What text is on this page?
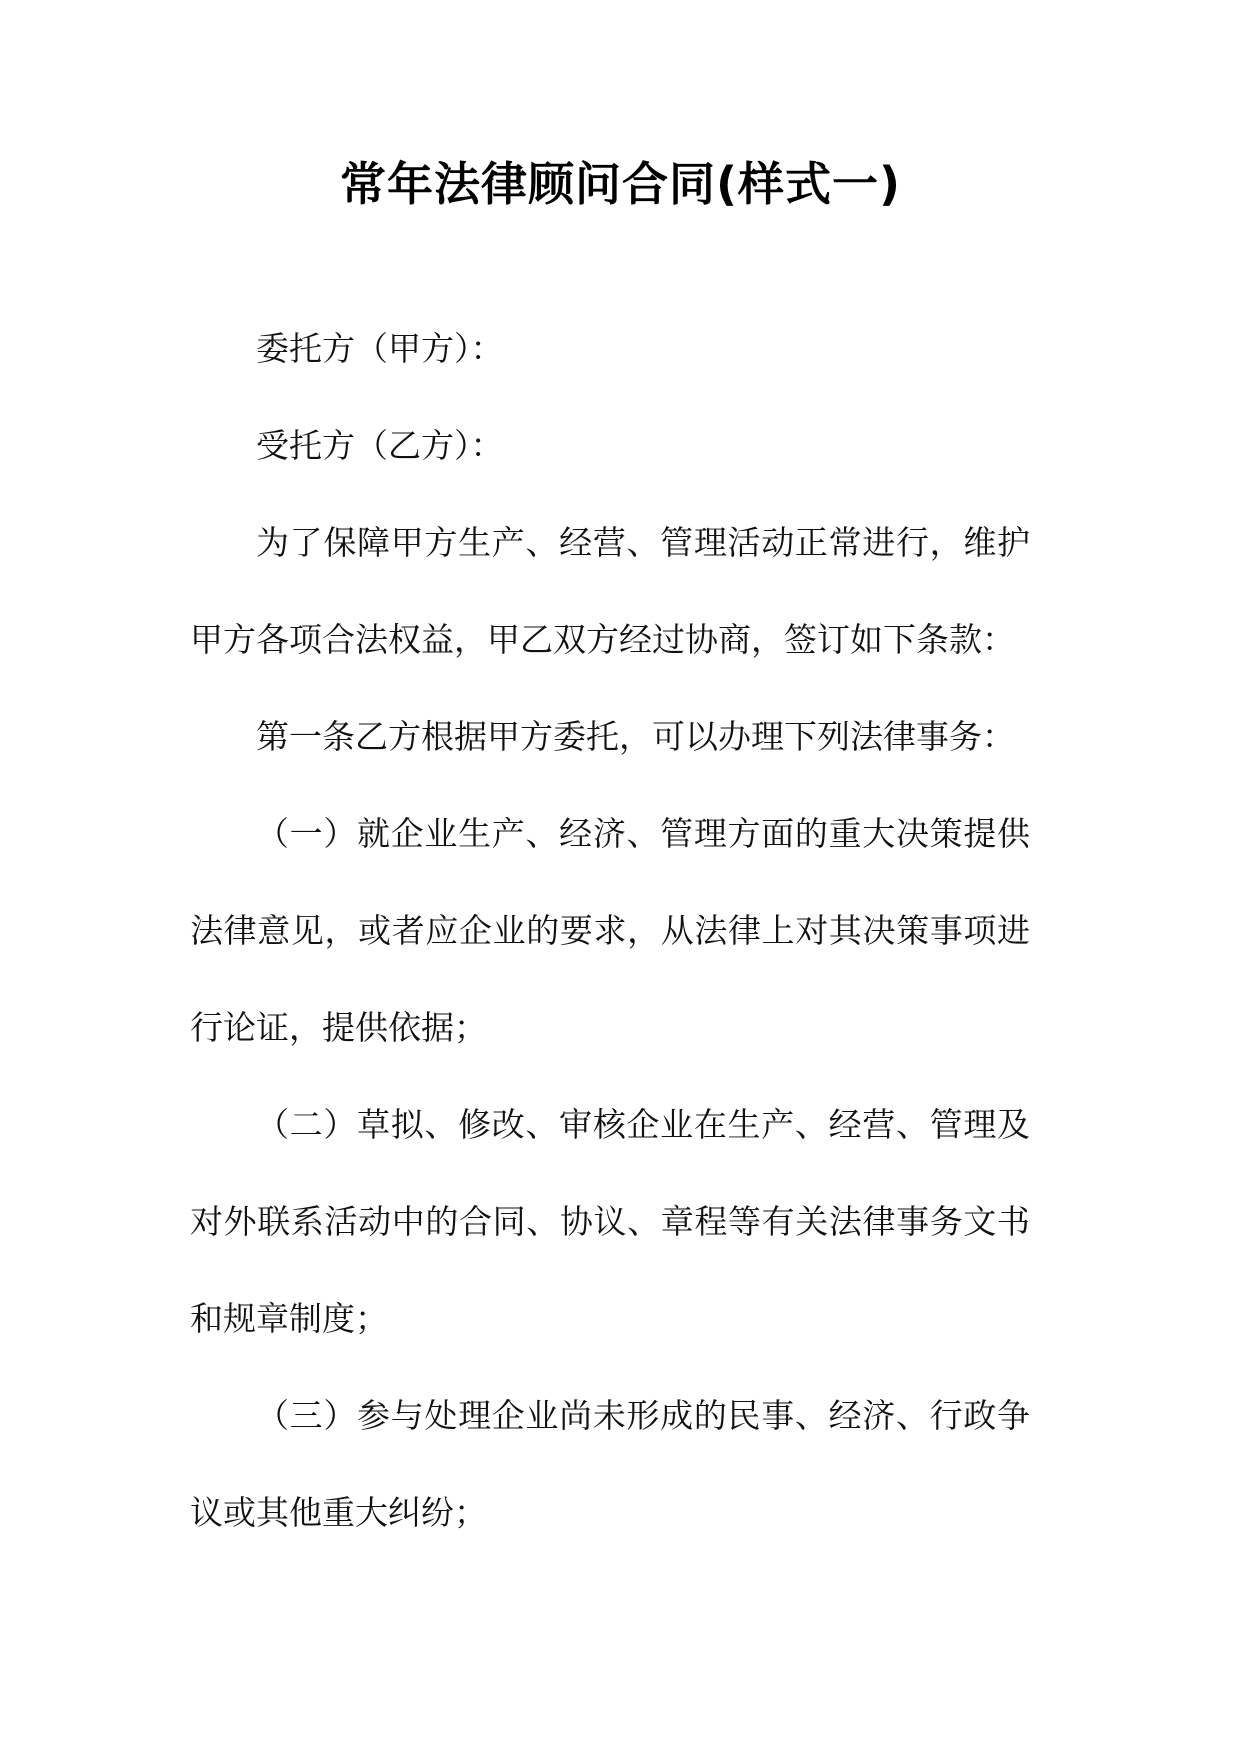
常年法律顾问合同(样式一)

委托方（甲方）：

受托方（乙方）：

为了保障甲方生产、经营、管理活动正常进行，维护甲方各项合法权益，甲乙双方经过协商，签订如下条款：

第一条乙方根据甲方委托，可以办理下列法律事务：

（一）就企业生产、经济、管理方面的重大决策提供法律意见，或者应企业的要求，从法律上对其决策事项进行论证，提供依据；

（二）草拟、修改、审核企业在生产、经营、管理及对外联系活动中的合同、协议、章程等有关法律事务文书和规章制度；

（三）参与处理企业尚未形成的民事、经济、行政争议或其他重大纠纷；
